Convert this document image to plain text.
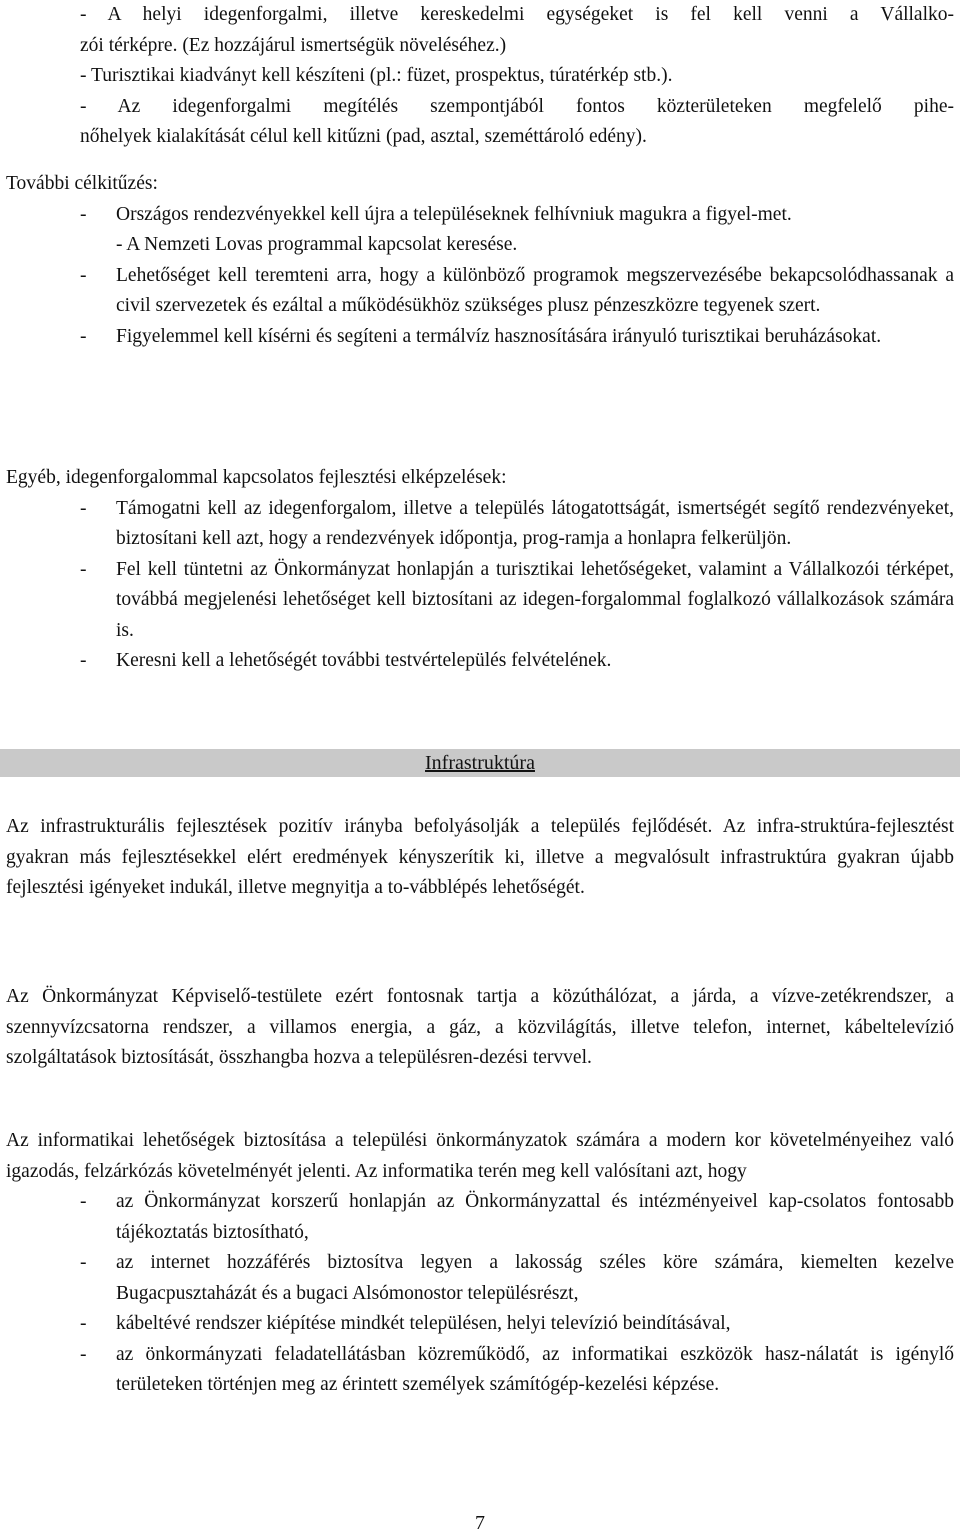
- A helyi idegenforgalmi, illetve kereskedelmi egységeket is fel kell venni a Vállalko-

zói térképre. (Ez hozzájárul ismertségük növeléséhez.)

- Turisztikai kiadványt kell készíteni (pl.: füzet, prospektus, túratérkép stb.).

- Az idegenforgalmi megítélés szempontjából fontos közterületeken megfelelő pihe-

nőhelyek kialakítását célul kell kitűzni (pad, asztal, szeméttároló edény).

További célkitűzés:

- Országos rendezvényekkel kell újra a településeknek felhívniuk magukra a figyel-met.

- A Nemzeti Lovas programmal kapcsolat keresése.

- Lehetőséget kell teremteni arra, hogy a különböző programok megszervezésébe bekapcsolódhassanak a civil szervezetek és ezáltal a működésükhöz szükséges plusz pénzeszközre tegyenek szert.

- Figyelemmel kell kísérni és segíteni a termálvíz hasznosítására irányuló turisztikai beruházásokat.

Egyéb, idegenforgalommal kapcsolatos fejlesztési elképzelések:

- Támogatni kell az idegenforgalom, illetve a település látogatottságát, ismertségét segítő rendezvényeket, biztosítani kell azt, hogy a rendezvények időpontja, prog-ramja a honlapra felkerüljön.

- Fel kell tüntetni az Önkormányzat honlapján a turisztikai lehetőségeket, valamint a Vállalkozói térképet, továbbá megjelenési lehetőséget kell biztosítani az idegen-forgalommal foglalkozó vállalkozások számára is.

- Keresni kell a lehetőségét további testvértelepülés felvételének.

Infrastruktúra

Az infrastrukturális fejlesztések pozitív irányba befolyásolják a település fejlődését. Az infra-struktúra-fejlesztést gyakran más fejlesztésekkel elért eredmények kényszerítik ki, illetve a megvalósult infrastruktúra gyakran újabb fejlesztési igényeket indukál, illetve megnyitja a to-vábblépés lehetőségét.

Az Önkormányzat Képviselő-testülete ezért fontosnak tartja a közúthálózat, a járda, a vízve-zetékrendszer, a szennyvízcsatorna rendszer, a villamos energia, a gáz, a közvilágítás, illetve telefon, internet, kábeltelevízió szolgáltatások biztosítását, összhangba hozva a településren-dezési tervvel.

Az informatikai lehetőségek biztosítása a települési önkormányzatok számára a modern kor követelményeihez való igazodás, felzárkózás követelményét jelenti. Az informatika terén meg kell valósítani azt, hogy

- az Önkormányzat korszerű honlapján az Önkormányzattal és intézményeivel kap-csolatos fontosabb tájékoztatás biztosítható,

- az internet hozzáférés biztosítva legyen a lakosság széles köre számára, kiemelten kezelve Bugacpusztaházát és a bugaci Alsómonostor településrészt,

- kábeltévé rendszer kiépítése mindkét településen, helyi televízió beindításával,

- az önkormányzati feladatellátásban közreműködő, az informatikai eszközök hasz-nálatát is igénylő területeken történjen meg az érintett személyek számítógép-kezelési képzése.

7
